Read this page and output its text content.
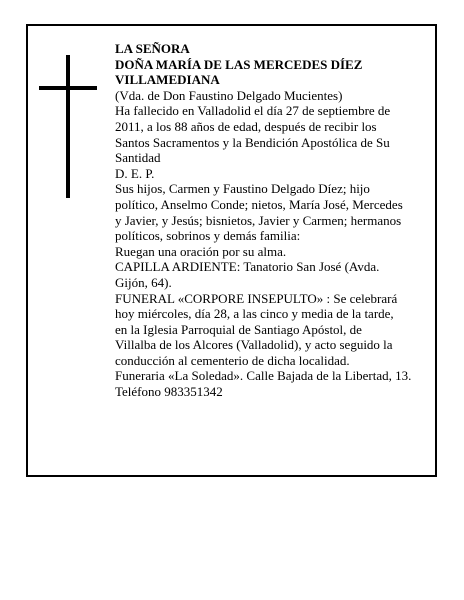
LA SEÑORA
DOÑA MARÍA DE LAS MERCEDES DÍEZ
VILLAMEDIANA
(Vda. de Don Faustino Delgado Mucientes)
Ha fallecido en Valladolid el día 27 de septiembre de
2011, a los 88 años de edad, después de recibir los
Santos Sacramentos y la Bendición Apostólica de Su
Santidad
D. E. P.
Sus hijos, Carmen y Faustino Delgado Díez; hijo
político, Anselmo Conde; nietos, María José, Mercedes
y Javier, y Jesús; bisnietos, Javier y Carmen; hermanos
políticos, sobrinos y demás familia:
Ruegan una oración por su alma.
CAPILLA ARDIENTE: Tanatorio San José (Avda.
Gijón, 64).
FUNERAL «CORPORE INSEPULTO» : Se celebrará
hoy miércoles, día 28, a las cinco y media de la tarde,
en la Iglesia Parroquial de Santiago Apóstol, de
Villalba de los Alcores (Valladolid), y acto seguido la
conducción al cementerio de dicha localidad.
Funeraria «La Soledad». Calle Bajada de la Libertad, 13.
Teléfono 983351342
